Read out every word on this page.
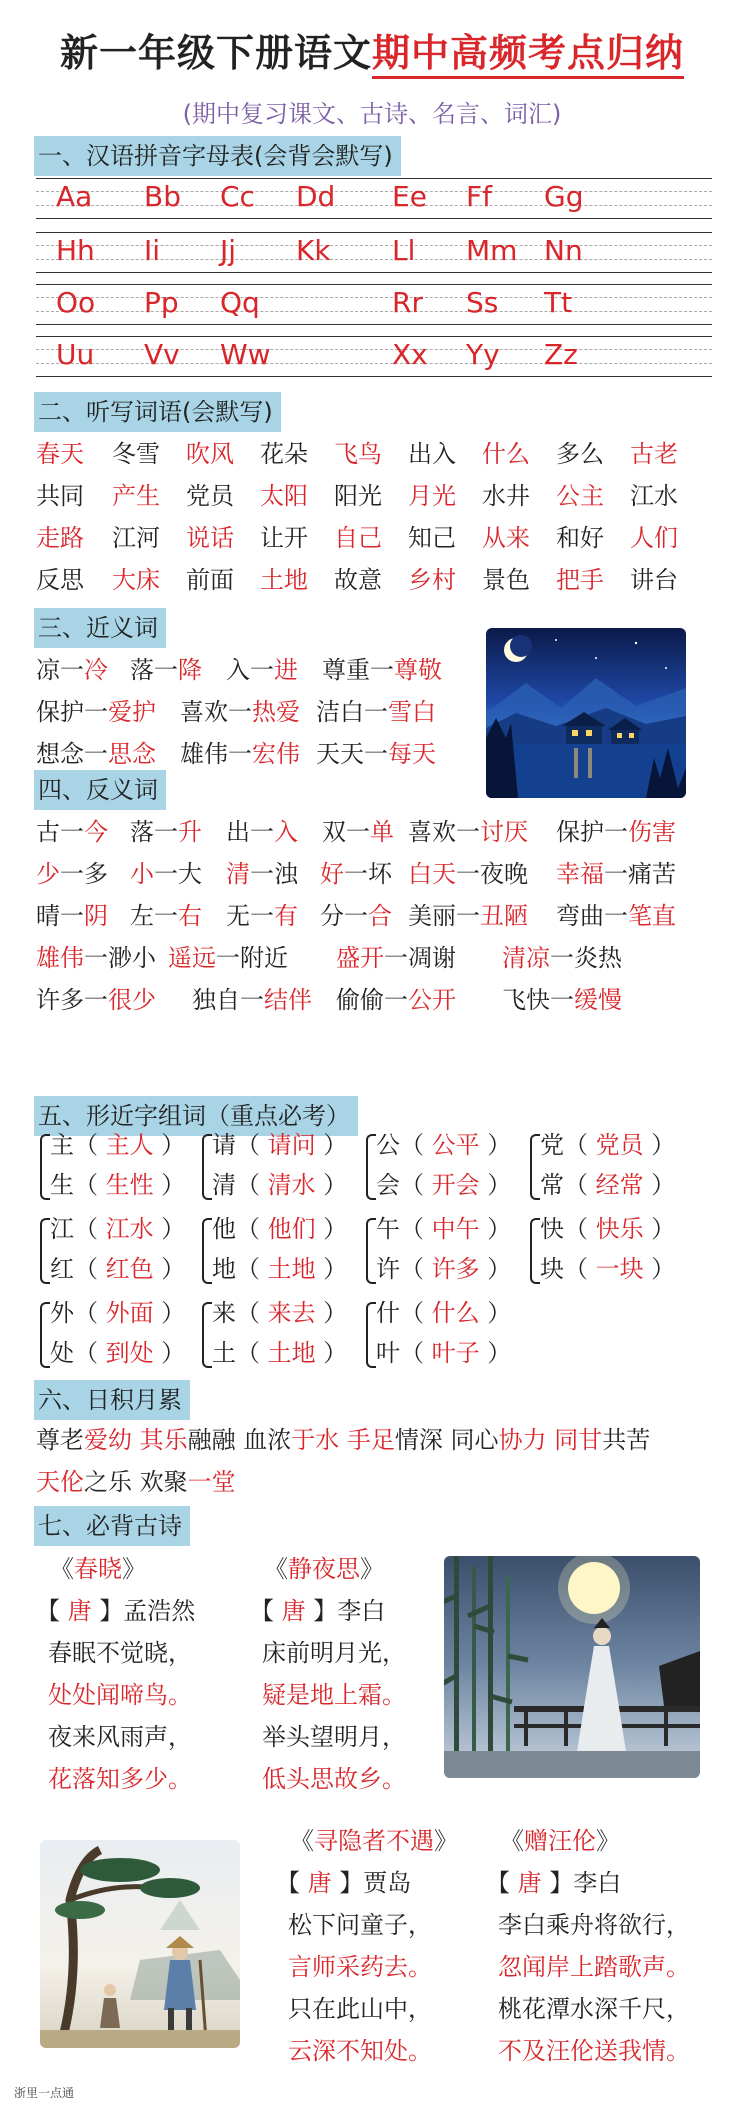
新一年级下册语文期中高频考点归纳
(期中复习课文、古诗、名言、词汇)
一、汉语拼音字母表(会背会默写)
Aa Bb Cc Dd Ee Ff Gg
Hh Ii Jj Kk Ll Mm Nn
Oo Pp Qq	Rr Ss Tt
Uu Vv Ww	Xx Yy Zz
二、听写词语(会默写)
春天 冬雪 吹风 花朵 飞鸟 出入 什么 多么 古老
共同 产生 党员 太阳 阳光 月光 水井 公主 江水
走路 江河 说话 让开 自己 知己 从来 和好 人们
反思 大床 前面 土地 故意 乡村 景色 把手 讲台
三、近义词
凉一冷 落一降 入一进 尊重一尊敬
保护一爱护 喜欢一热爱 洁白一雪白
想念一思念 雄伟一宏伟 天天一每天
四、反义词
古一今 落一升 出一入 双一单 喜欢一讨厌 保护一伤害
少一多 小一大 清一浊 好一坏 白天一夜晚 幸福一痛苦
晴一阴 左一右 无一有 分一合 美丽一丑陋 弯曲一笔直
雄伟一渺小 遥远一附近 盛开一凋谢 清凉一炎热
许多一很少 独自一结伴 偷偷一公开 飞快一缓慢
五、形近字组词（重点必考）
主（ 主人 ）
生（ 生性 ）
请（ 请问 ）
清（ 清水 ）
公（ 公平 ）
会（ 开会 ）
党（ 党员 ）
常（ 经常 ）
江（ 江水 ）
红（ 红色 ）
他（ 他们 ）
地（ 土地 ）
午（ 中午 ）
许（ 许多 ）
快（ 快乐 ）
块（ 一块 ）
外（ 外面 ）
处（ 到处 ）
来（ 来去 ）
土（ 土地 ）
什（ 什么 ）
叶（ 叶子 ）
六、日积月累
尊老爱幼 其乐融融 血浓于水 手足情深 同心协力 同甘共苦
天伦之乐 欢聚一堂
七、必背古诗
《春晓》
【 唐 】孟浩然
春眠不觉晓，
处处闻啼鸟。
夜来风雨声，
花落知多少。
《静夜思》
【 唐 】李白
床前明月光，
疑是地上霜。
举头望明月，
低头思故乡。
《寻隐者不遇》
【 唐 】贾岛
松下问童子，
言师采药去。
只在此山中，
云深不知处。
《赠汪伦》
【 唐 】李白
李白乘舟将欲行，
忽闻岸上踏歌声。
桃花潭水深千尺，
不及汪伦送我情。
浙里一点通
